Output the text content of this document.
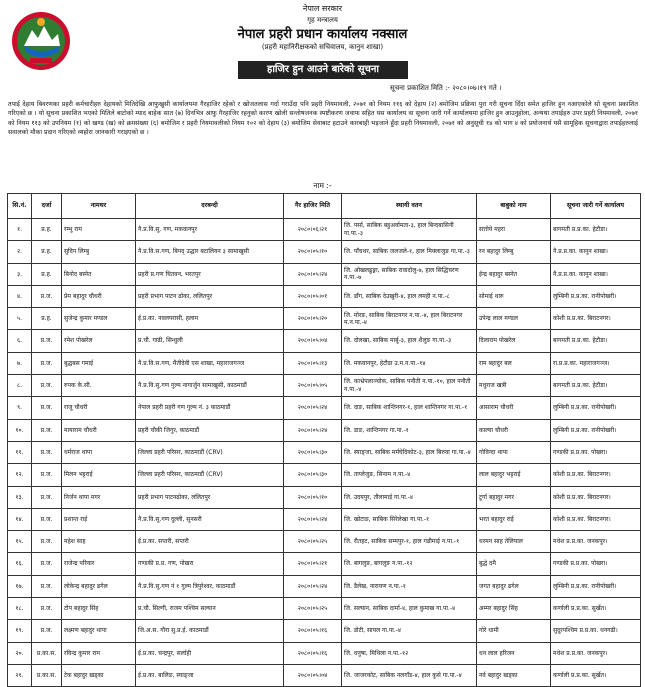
नेपाल सरकार
गृह मन्त्रालय
नेपाल प्रहरी प्रधान कार्यालय नक्साल
(प्रहरी महानिरीक्षकको सचिवालय, कानुन शाखा)
हाजिर हुन आउने बारेको सूचना
सूचना प्रकाशित मिति :- २०८०।०७।१९ गते ।

तपाई देहाय बिवरणका प्रहरी कर्मचारीहरु देहायको मितिदेखि आफुखुसी कार्यालयमा गैरहाजिर रहेको र खोजतलास गर्दा गराउँदा पनि प्रहरी नियमावली, २०७१ को नियम ११६ को देहाय (२) बमोजिम प्रक्रिया पुरा गरी सूचना दिँदा समेत हाजिर हुन नआएकोले सो सूचना प्रकाशित गरिएको छ । यो सूचना प्रकाशित भएको मितिले बाटोको म्याद बाहेक सात (७) दिनभित्र आफु गैरहाजिर रहनुको कारण खोली सन्तोषजनक स्पष्टीकरण जवाफ सहित यस कार्यालय वा सूचना जारी गर्ने कार्यालयमा हाजिर हुन आउनुहोला, अन्यथा तपाईहरु उपर प्रहरी नियमावली, २०७१ को नियम ११३ को उपनियम (१) को खण्ड (ख) को क्रमसंख्या (६) बमोजिम र प्रहरी नियमावलीको नियम १०२ को देहाय (३) बमोजिम सेवाबाट हटाउने कारबाही भइजाने हुँदा प्रहरी नियमावली, २०७१ को अनुसूची १४ को भाग ४ को प्रयोजनार्थ यसै सामूहिक सूचनाद्वारा तपाईहरुलाई सवालको मौका प्रदान गरिएको व्यहोरा जानकारी गराइएको छ ।

नाम :-
सि.नं.	दर्जा	नामथर	दरबन्दी	गैर हाजिर मिति	स्थायी वतन	बाबुको नाम	सूचना जारी गर्ने कार्यालय
१.	प्र.ह.	रम्भु राम	नै.प्र.वि.सु. गण, मकवानपुर	२०८०।०६।२१	जि. पर्सा, साबिक बहुअर्वामता-३, हाल बिन्दबासिनी गा.पा.-३	सत्तोये महरा	बागमती प्र.प्र.का. हेटौडा।
२.	प्र.ह.	सुदिप लिम्बु	नै.प्र.वि.स.गण, बिपद् उद्धार बटालियन ३ सामाखुसी	२०८०।०५।१०	जि. पाँचथर, साबिक जलजले-१, हाल मिक्लाजुङ गा.पा.-३	रन बहादुर लिम्बु	नै.प्र.प्र.का. कानुन शाखा।
३.	प्र.ह.	बिनोद बस्नेत	प्रहरी प्र.गण चितवन, भरतपुर	२०८०।०५।२४	जि. ओखलढुङ्गा, साबिक रावादोलु-७, हाल सिद्धिचरण न.पा.-७	ईन्द्र बहादुर बस्नेत	नै.प्र.प्र.का. कानुन शाखा।
४.	प्र.ज.	प्रेम बहादुर चौधरी	प्रहरी प्रभाग पाटन ढोका, ललितपुर	२०८०।०५।०१	जि. डाँग, साबिक देउखुरी-४, हाल लमही न.पा.-८	सोमाई थारु	लुम्बिनी प्र.प्र.का. रानीपोखरी।
५.	प्र.ह.	सुजेन्द्र कुमार मण्डल	ई.प्र.का. नवलपरासी, हलाम	२०८०।०५।२०	जि. मोरङ, साबिक बिराटनगर न.पा.-४, हाल बिराटनगर म.न.पा.-४	उपेन्द्र लाल मण्डल	कोशी प्र.प्र.का. बिराटनगर।
६.	प्र.ज.	रमेश पोखरेल	प्र.चौ. गाढी, सिन्धुली	२०८०।०५।०४	जि. दोलखा, साबिक मार्बु-३, हाल शैलुङ गा.पा.-३	दिलाराम पोखरेल	बागमती प्र.प्र.का. हेटौडा।
७.	प्र.ज.	बुद्धबस गमाई	नै.प्र.वि.स.गण, मैतीदेवी एस शाखा, महाराजगञ्ज	२०८०।०५।१३	जि. मकवानपुर, हेटौडा उ.म.न.पा.-१४	राम बहादुर बल	रा.प्र.प्र.का. महाराजगञ्ज।
८.	प्र.ज.	रुपक के.सी.	नै.प्र.वि.सु.गण गुल्म नागार्जुन सामाखुसी, काठमाडौं	२०८०।०५।०५	जि. काभ्रेपलाञ्चोक, साबिक पनौती न.पा.-१०, हाल पनौती न.पा.-४	मधुराज खत्री	बागमती प्र.प्र.का. हेटौडा।
९.	प्र.ज.	राजु चौधरी	नेपाल प्रहरी प्रहरी गण गुल्म नं. ३ काठमाडौं	२०८०।०५।२४	जि. दाङ, साबिक शान्तिनगर-१, हाल शान्तिनगर गा.पा.-१	आसाराम चौधरी	लुम्बिनी प्र.प्र.का. रानीपोखरी।
१०.	प्र.ज.	मायाराम चौधरी	प्रहरी चौकी जिगुर, काठमाडौं	२०८०।०५।२४	जि. डाङ, शान्तिनगर गा.पा.-१	काल्या चौधरी	लुम्बिनी प्र.प्र.का. रानीपोखरी।
११.	प्र.ज.	धर्मराज थापा	जिल्ला प्रहरी परिसर, काठमाडौं (CRV)	२०८०।०५।३०	जि. स्याङ्जा, साबिक मर्मघेदिकोट-३, हाल बिरुवा गा.पा.-४	गोविन्दा थापा	गण्डकी प्र.प्र.का. पोखरा।
१२.	प्र.ज.	मिलन भट्टराई	जिल्ला प्रहरी परिसर, काठमाडौं (CRV)	२०८०।०५।३०	जि. ताप्लेजुङ, सिनाम न.पा.-४	लाल बहादुर भट्टराई	कोशी प्र.प्र.का. बिराटनगर।
१३.	प्र.ज.	निर्जन थापा मगर	प्रहरी प्रभाग पाटनढोका, ललितपुर	२०८०।०५।१०	जि. उदयपुर, तौलामाई गा.पा.-४	टुर्गा बहादुर मगर	कोशी प्र.प्र.का. बिराटनगर।
१४.	प्र.ज.	प्रशान्त राई	नै.प्र.वि.सु.गण दुल्ली, सुनसरी	२०८०।०५।२४	जि. खोटाङ, साबिक सिरेलेखा गा.पा.-१	भरत बहादुर राई	कोशी प्र.प्र.का. बिराटनगर।
१५.	प्र.ज.	महेश साह	ई.प्र.का. सप्तरी, सप्तरी	२०८०।०५।२५	जि. रौतहट, साबिक सम्मपुर-१, हाल गढीमाई न.पा.-१	धरमन साह तेलियाल	मधेश प्र.प्र.का. जनकपुर।
१६.	प्र.ज.	राजेन्द्र परियार	गण्डकी प्र.प्र. गण, पोखरा	२०८०।०५।२१	जि. बागलुङ, बागलुङ न.पा.-१२	बुद्धे दमै	गण्डकी प्र.प्र.का. पोखरा।
१७.	प्र.ज.	लोकेन्द्र बहादुर ढगेल	नै.प्र.वि.सु.गण नं १ गुल्म त्रिपुरेश्वर, काठमाडौं	२०८०।०५।२४	जि. डैलेख, नारायण न.पा.-१	जगत बहादुर ढगेल	लुम्बिनी प्र.प्र.का. रानीपोखरी।
१८.	प्र.ज.	टोप बहादुर सिंह	प्र.चौ. सिल्गी, राजम पश्चिम सल्यान	२०८०।०५।२५	जि. सल्यान, साबिक दार्मा-४, हाल कुमाख गा.पा.-४	अम्मर बहादुर सिंह	कर्णाली प्र.प्र.का. सुर्खेत।
१९.	प्र.ज.	लक्ष्मण बहादुर थापा	जि.अ.स. गौरा सु.प्र.ई. काठमाडौं	२०८०।०५।१६	जि. डोटी, सायल गा.पा.-४	गोरे धामी	सुदूरपश्चिम प्र.प्र.का. धनगढी।
२०.	प्र.का.स.	रविन्द्र कुमार राम	ई.प्र.का. चन्द्रपुर, सर्लाही	२०८०।०५।१६	जि. धनुषा, मिथिला न.पा.-१२	धन लाल हरिजन	मधेश प्र.प्र.का. जनकपुर।
२१.	प्र.का.स.	टेक बहादुर खड्का	ई.प्र.का. बालिङ, स्याङ्जा	२०८०।०५।०४	जि. जाजरकोट, साबिक नलगाँड-४, हाल कुसे गा.पा.-४	नर्व बहादुर खड्का	कर्णाली प्र.प्र.का. सुर्खेत।
